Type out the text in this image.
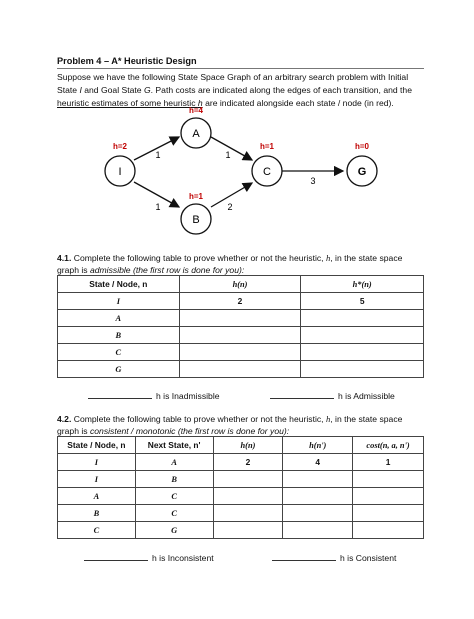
Problem 4 – A* Heuristic Design
Suppose we have the following State Space Graph of an arbitrary search problem with Initial
State I and Goal State G. Path costs are indicated along the edges of each transition, and the
heuristic estimates of some heuristic h are indicated alongside each state / node (in red).
1
1
1
2
3
I
A
B
C	G
h=2
h=4
h=1
h=1	h=0
4.1. Complete the following table to prove whether or not the heuristic, h, in the state space
graph is admissible (the first row is done for you):
State / Node, n	h(n)	h*(n)
I	2	5
A		
B		
C		
G		
h is Inadmissible	h is Admissible
4.2. Complete the following table to prove whether or not the heuristic, h, in the state space
graph is consistent / monotonic (the first row is done for you):
State / Node, n	Next State, n'	h(n)	h(n')	cost(n, a, n')
I	A	2	4	1
I	B			
A	C			
B	C			
C	G			
h is Inconsistent	h is Consistent
